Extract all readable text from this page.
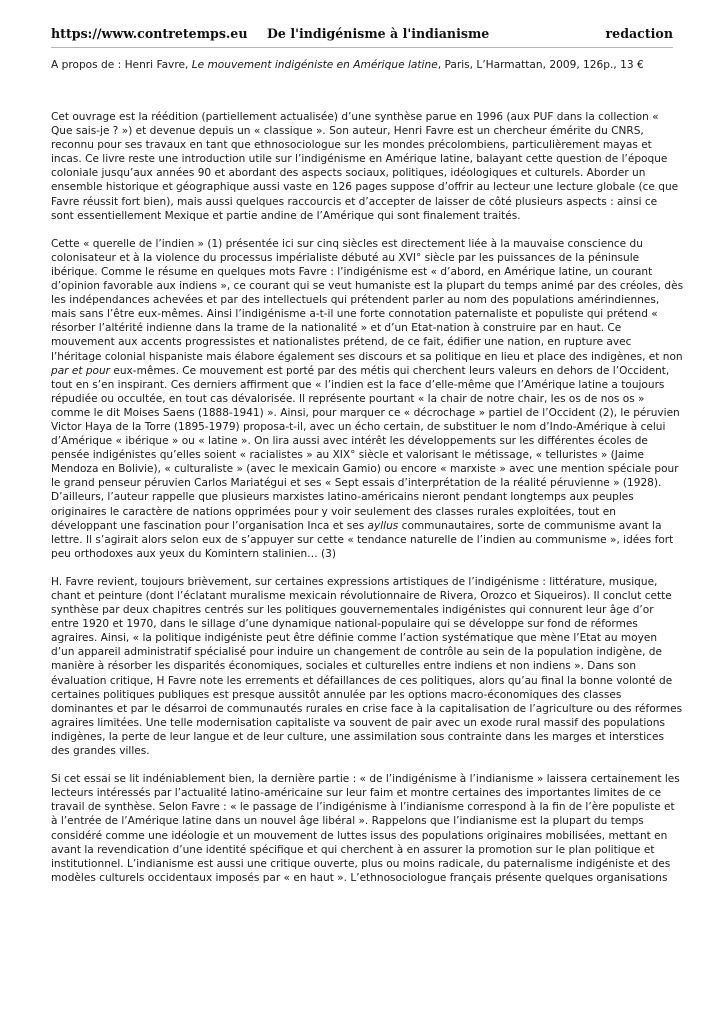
https://www.contretemps.eu De l'indigénisme à l'indianisme	redaction
A propos de : Henri Favre, Le mouvement indigéniste en Amérique latine, Paris, L’Harmattan, 2009, 126p., 13 €

Cet ouvrage est la réédition (partiellement actualisée) d’une synthèse parue en 1996 (aux PUF dans la collection «
Que sais-je ? ») et devenue depuis un « classique ». Son auteur, Henri Favre est un chercheur émérite du CNRS,
reconnu pour ses travaux en tant que ethnosociologue sur les mondes précolombiens, particulièrement mayas et
incas. Ce livre reste une introduction utile sur l’indigénisme en Amérique latine, balayant cette question de l’époque
coloniale jusqu’aux années 90 et abordant des aspects sociaux, politiques, idéologiques et culturels. Aborder un
ensemble historique et géographique aussi vaste en 126 pages suppose d’offrir au lecteur une lecture globale (ce que
Favre réussit fort bien), mais aussi quelques raccourcis et d’accepter de laisser de côté plusieurs aspects : ainsi ce
sont essentiellement Mexique et partie andine de l’Amérique qui sont finalement traités.

Cette « querelle de l’indien » (1) présentée ici sur cinq siècles est directement liée à la mauvaise conscience du
colonisateur et à la violence du processus impérialiste débuté au XVI° siècle par les puissances de la péninsule
ibérique. Comme le résume en quelques mots Favre : l’indigénisme est « d’abord, en Amérique latine, un courant
d’opinion favorable aux indiens », ce courant qui se veut humaniste est la plupart du temps animé par des créoles, dès
les indépendances achevées et par des intellectuels qui prétendent parler au nom des populations amérindiennes,
mais sans l’être eux-mêmes. Ainsi l’indigénisme a-t-il une forte connotation paternaliste et populiste qui prétend «
résorber l’altérité indienne dans la trame de la nationalité » et d’un Etat-nation à construire par en haut. Ce
mouvement aux accents progressistes et nationalistes prétend, de ce fait, édifier une nation, en rupture avec
l’héritage colonial hispaniste mais élabore également ses discours et sa politique en lieu et place des indigènes, et non
par et pour eux-mêmes. Ce mouvement est porté par des métis qui cherchent leurs valeurs en dehors de l’Occident,
tout en s’en inspirant. Ces derniers affirment que « l’indien est la face d’elle-même que l’Amérique latine a toujours
répudiée ou occultée, en tout cas dévalorisée. Il représente pourtant « la chair de notre chair, les os de nos os »
comme le dit Moises Saens (1888-1941) ». Ainsi, pour marquer ce « décrochage » partiel de l’Occident (2), le péruvien
Victor Haya de la Torre (1895-1979) proposa-t-il, avec un écho certain, de substituer le nom d’Indo-Amérique à celui
d’Amérique « ibérique » ou « latine ». On lira aussi avec intérêt les développements sur les différentes écoles de
pensée indigénistes qu’elles soient « racialistes » au XIX° siècle et valorisant le métissage, « telluristes » (Jaime
Mendoza en Bolivie), « culturaliste » (avec le mexicain Gamio) ou encore « marxiste » avec une mention spéciale pour
le grand penseur péruvien Carlos Mariatégui et ses « Sept essais d’interprétation de la réalité péruvienne » (1928).
D’ailleurs, l’auteur rappelle que plusieurs marxistes latino-américains nieront pendant longtemps aux peuples
originaires le caractère de nations opprimées pour y voir seulement des classes rurales exploitées, tout en
développant une fascination pour l’organisation Inca et ses ayllus communautaires, sorte de communisme avant la
lettre. Il s’agirait alors selon eux de s’appuyer sur cette « tendance naturelle de l’indien au communisme », idées fort
peu orthodoxes aux yeux du Komintern stalinien… (3)

H. Favre revient, toujours brièvement, sur certaines expressions artistiques de l’indigénisme : littérature, musique,
chant et peinture (dont l’éclatant muralisme mexicain révolutionnaire de Rivera, Orozco et Siqueiros). Il conclut cette
synthèse par deux chapitres centrés sur les politiques gouvernementales indigénistes qui connurent leur âge d’or
entre 1920 et 1970, dans le sillage d’une dynamique national-populaire qui se développe sur fond de réformes
agraires. Ainsi, « la politique indigéniste peut être définie comme l’action systématique que mène l’Etat au moyen
d’un appareil administratif spécialisé pour induire un changement de contrôle au sein de la population indigène, de
manière à résorber les disparités économiques, sociales et culturelles entre indiens et non indiens ». Dans son
évaluation critique, H Favre note les errements et défaillances de ces politiques, alors qu’au final la bonne volonté de
certaines politiques publiques est presque aussitôt annulée par les options macro-économiques des classes
dominantes et par le désarroi de communautés rurales en crise face à la capitalisation de l’agriculture ou des réformes
agraires limitées. Une telle modernisation capitaliste va souvent de pair avec un exode rural massif des populations
indigènes, la perte de leur langue et de leur culture, une assimilation sous contrainte dans les marges et interstices
des grandes villes.

Si cet essai se lit indéniablement bien, la dernière partie : « de l’indigénisme à l’indianisme » laissera certainement les
lecteurs intéressés par l’actualité latino-américaine sur leur faim et montre certaines des importantes limites de ce
travail de synthèse. Selon Favre : « le passage de l’indigénisme à l’indianisme correspond à la fin de l’ère populiste et
à l’entrée de l’Amérique latine dans un nouvel âge libéral ». Rappelons que l’indianisme est la plupart du temps
considéré comme une idéologie et un mouvement de luttes issus des populations originaires mobilisées, mettant en
avant la revendication d’une identité spécifique et qui cherchent à en assurer la promotion sur le plan politique et
institutionnel. L’indianisme est aussi une critique ouverte, plus ou moins radicale, du paternalisme indigéniste et des
modèles culturels occidentaux imposés par « en haut ». L’ethnosociologue français présente quelques organisations
